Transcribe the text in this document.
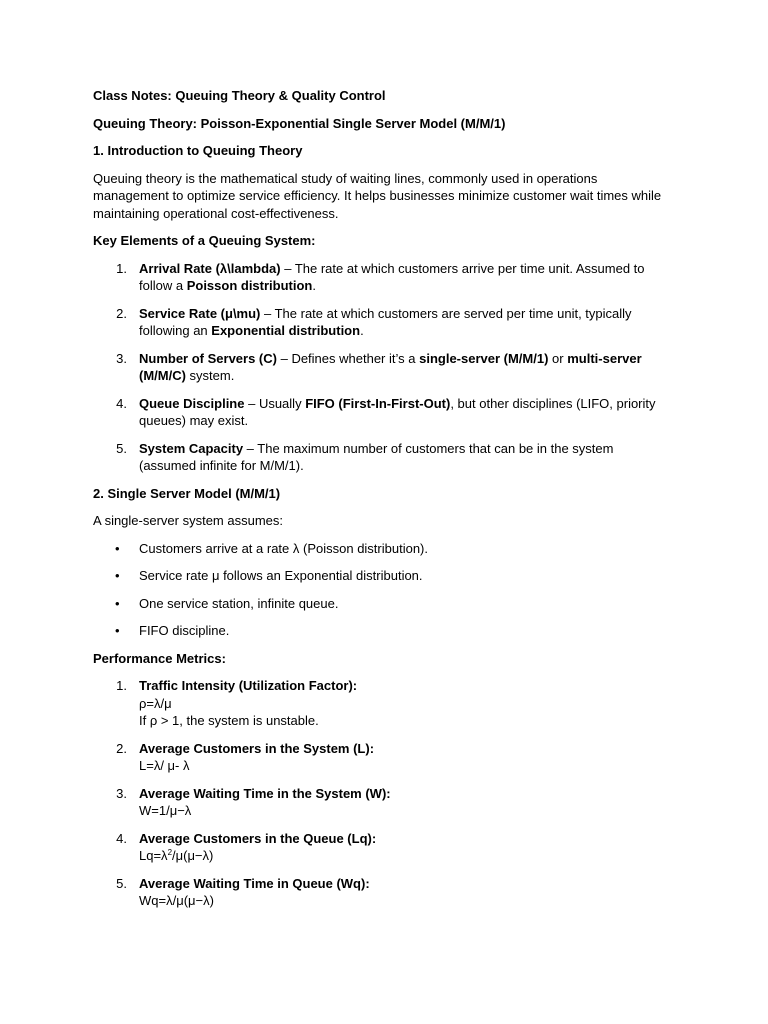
Class Notes: Queuing Theory & Quality Control

Queuing Theory: Poisson-Exponential Single Server Model (M/M/1)

1. Introduction to Queuing Theory

Queuing theory is the mathematical study of waiting lines, commonly used in operations management to optimize service efficiency. It helps businesses minimize customer wait times while maintaining operational cost-effectiveness.

Key Elements of a Queuing System:

1. Arrival Rate (λ\lambda) – The rate at which customers arrive per time unit. Assumed to follow a Poisson distribution.
2. Service Rate (μ\mu) – The rate at which customers are served per time unit, typically following an Exponential distribution.
3. Number of Servers (C) – Defines whether it’s a single-server (M/M/1) or multi-server (M/M/C) system.
4. Queue Discipline – Usually FIFO (First-In-First-Out), but other disciplines (LIFO, priority queues) may exist.
5. System Capacity – The maximum number of customers that can be in the system (assumed infinite for M/M/1).

2. Single Server Model (M/M/1)

A single-server system assumes:

• Customers arrive at a rate λ (Poisson distribution).
• Service rate μ follows an Exponential distribution.
• One service station, infinite queue.
• FIFO discipline.

Performance Metrics:

1. Traffic Intensity (Utilization Factor):
ρ=λ/μ
If ρ > 1, the system is unstable.
2. Average Customers in the System (L):
L=λ/ μ- λ
3. Average Waiting Time in the System (W):
W=1/μ−λ
4. Average Customers in the Queue (Lq):
$Lq=\lambda^2/\mu(\mu-\lambda)$
5. Average Waiting Time in Queue (Wq):
Wq=λ/μ(μ−λ)
